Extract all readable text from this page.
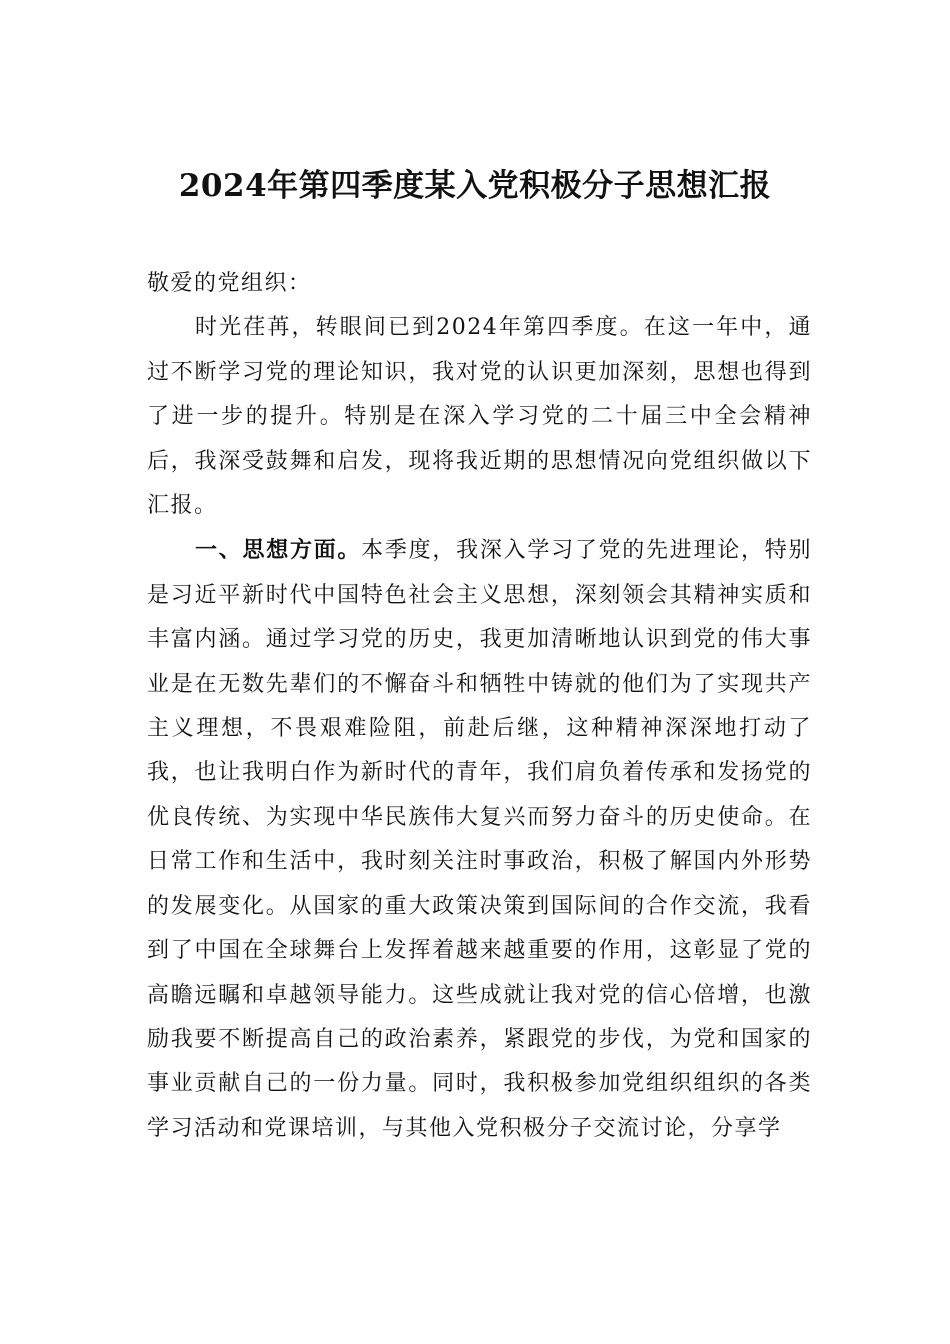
2024年第四季度某入党积极分子思想汇报

敬爱的党组织：

时光荏苒，转眼间已到2024年第四季度。在这一年中，通过不断学习党的理论知识，我对党的认识更加深刻，思想也得到了进一步的提升。特别是在深入学习党的二十届三中全会精神后，我深受鼓舞和启发，现将我近期的思想情况向党组织做以下汇报。

一、思想方面。本季度，我深入学习了党的先进理论，特别是习近平新时代中国特色社会主义思想，深刻领会其精神实质和丰富内涵。通过学习党的历史，我更加清晰地认识到党的伟大事业是在无数先辈们的不懈奋斗和牺牲中铸就的他们为了实现共产主义理想，不畏艰难险阻，前赴后继，这种精神深深地打动了我，也让我明白作为新时代的青年，我们肩负着传承和发扬党的优良传统、为实现中华民族伟大复兴而努力奋斗的历史使命。在日常工作和生活中，我时刻关注时事政治，积极了解国内外形势的发展变化。从国家的重大政策决策到国际间的合作交流，我看到了中国在全球舞台上发挥着越来越重要的作用，这彰显了党的高瞻远瞩和卓越领导能力。这些成就让我对党的信心倍增，也激励我要不断提高自己的政治素养，紧跟党的步伐，为党和国家的事业贡献自己的一份力量。同时，我积极参加党组织组织的各类学习活动和党课培训，与其他入党积极分子交流讨论，分享学
